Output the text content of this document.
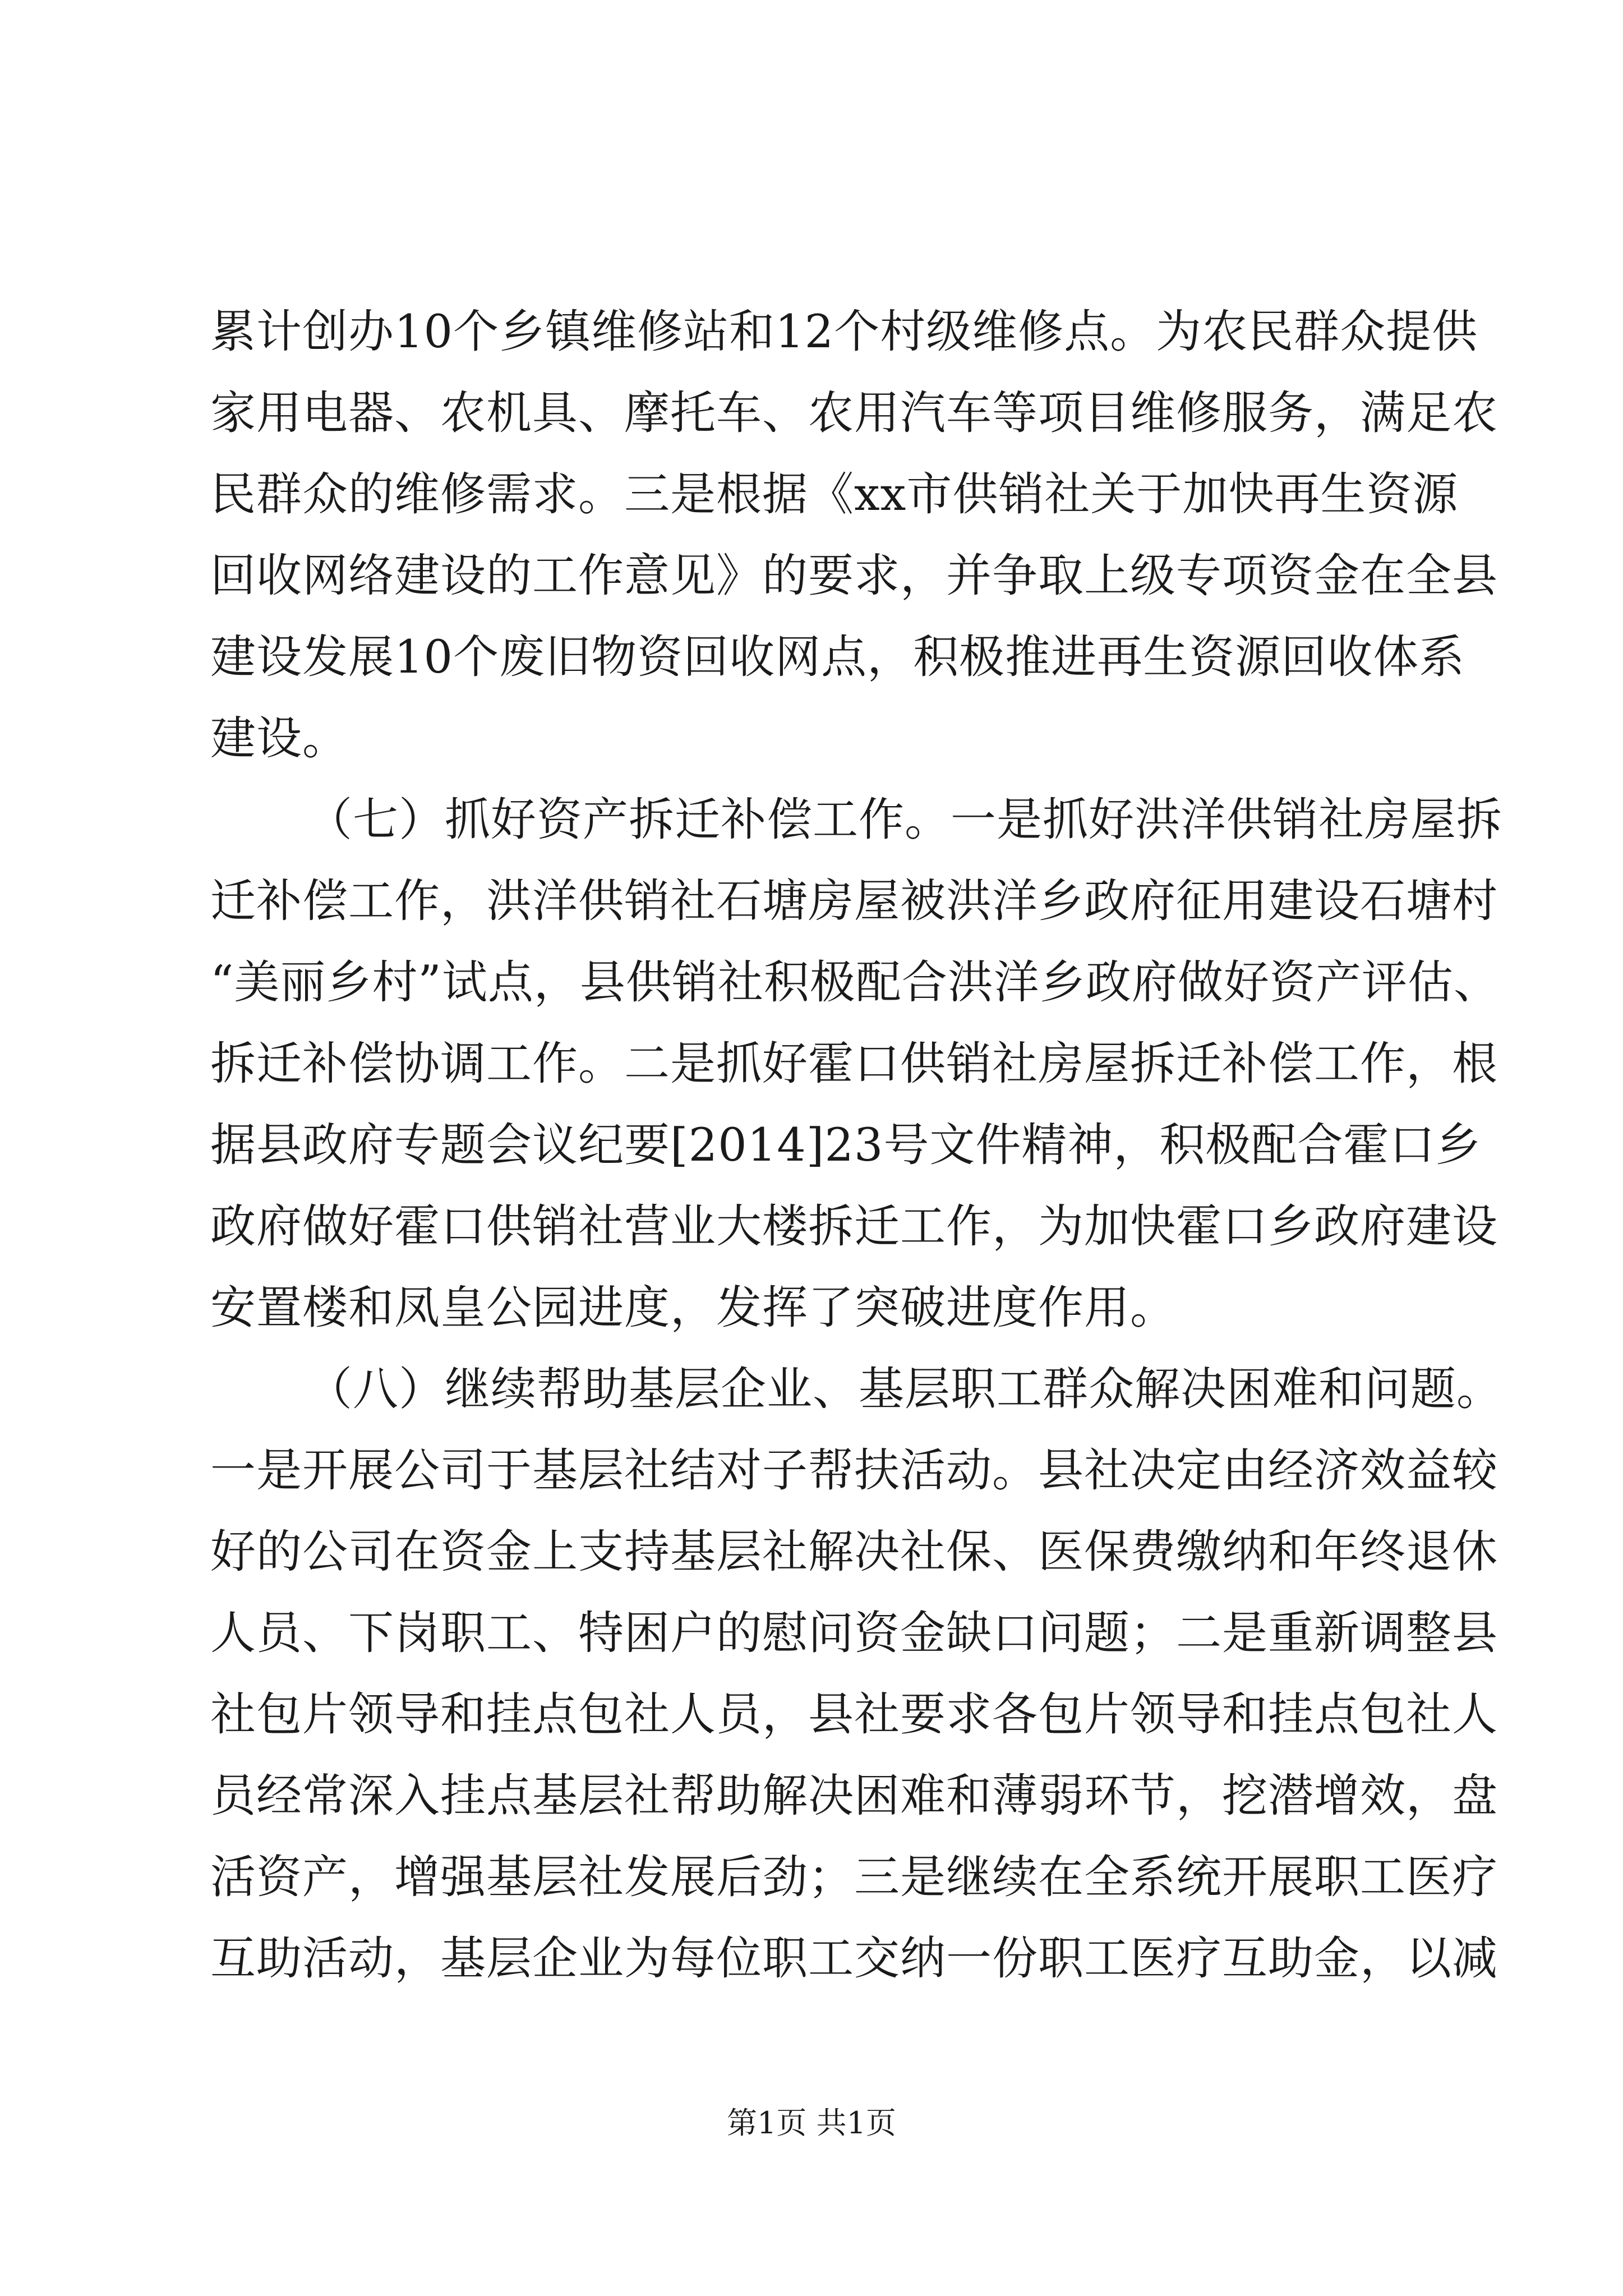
累计创办10个乡镇维修站和12个村级维修点。为农民群众提供
家用电器、农机具、摩托车、农用汽车等项目维修服务，满足农
民群众的维修需求。三是根据《xx市供销社关于加快再生资源
回收网络建设的工作意见》的要求，并争取上级专项资金在全县
建设发展10个废旧物资回收网点，积极推进再生资源回收体系
建设。
（七）抓好资产拆迁补偿工作。一是抓好洪洋供销社房屋拆
迁补偿工作，洪洋供销社石塘房屋被洪洋乡政府征用建设石塘村
“美丽乡村”试点，县供销社积极配合洪洋乡政府做好资产评估、
拆迁补偿协调工作。二是抓好霍口供销社房屋拆迁补偿工作，根
据县政府专题会议纪要[2014]23号文件精神，积极配合霍口乡
政府做好霍口供销社营业大楼拆迁工作，为加快霍口乡政府建设
安置楼和凤皇公园进度，发挥了突破进度作用。
（八）继续帮助基层企业、基层职工群众解决困难和问题。
一是开展公司于基层社结对子帮扶活动。县社决定由经济效益较
好的公司在资金上支持基层社解决社保、医保费缴纳和年终退休
人员、下岗职工、特困户的慰问资金缺口问题；二是重新调整县
社包片领导和挂点包社人员，县社要求各包片领导和挂点包社人
员经常深入挂点基层社帮助解决困难和薄弱环节，挖潜增效，盘
活资产，增强基层社发展后劲；三是继续在全系统开展职工医疗
互助活动，基层企业为每位职工交纳一份职工医疗互助金，以减
第1页 共1页
